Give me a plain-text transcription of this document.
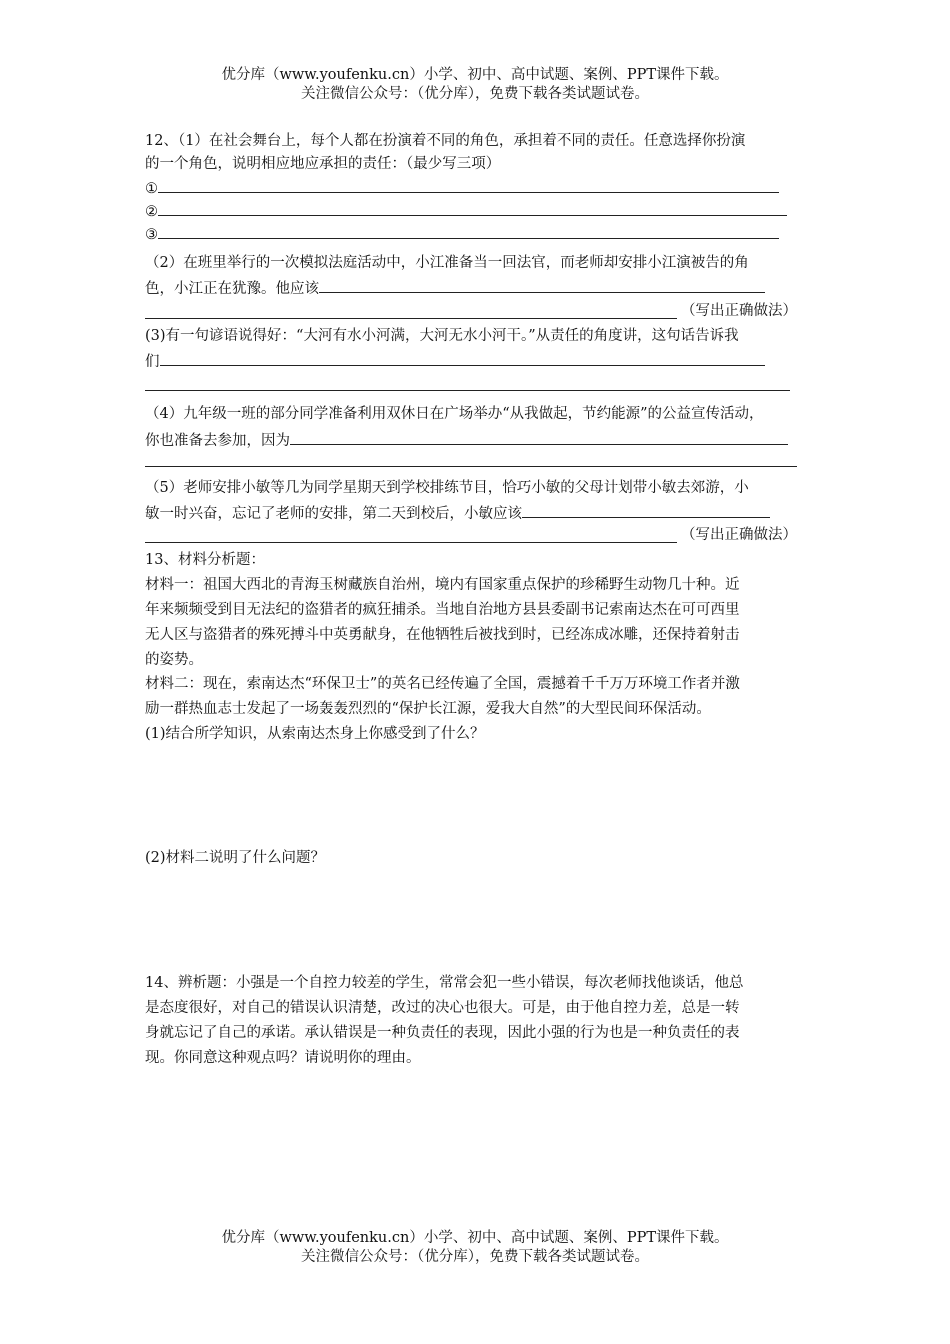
优分库（www.youfenku.cn）小学、初中、高中试题、案例、PPT课件下载。
关注微信公众号：（优分库），免费下载各类试题试卷。
12、（1）在社会舞台上，每个人都在扮演着不同的角色，承担着不同的责任。任意选择你扮演
的一个角色，说明相应地应承担的责任：（最少写三项）
①
②
③
（2）在班里举行的一次模拟法庭活动中，小江准备当一回法官，而老师却安排小江演被告的角
色，小江正在犹豫。他应该
（写出正确做法）
(3)有一句谚语说得好：“大河有水小河满，大河无水小河干。”从责任的角度讲，这句话告诉我
们
（4）九年级一班的部分同学准备利用双休日在广场举办“从我做起，节约能源”的公益宣传活动，
你也准备去参加，因为
（5）老师安排小敏等几为同学星期天到学校排练节目，恰巧小敏的父母计划带小敏去郊游，小
敏一时兴奋，忘记了老师的安排，第二天到校后，小敏应该
（写出正确做法）
13、材料分析题：
材料一：祖国大西北的青海玉树藏族自治州，境内有国家重点保护的珍稀野生动物几十种。近
年来频频受到目无法纪的盗猎者的疯狂捕杀。当地自治地方县县委副书记索南达杰在可可西里
无人区与盗猎者的殊死搏斗中英勇献身，在他牺牲后被找到时，已经冻成冰雕，还保持着射击
的姿势。
材料二：现在，索南达杰“环保卫士”的英名已经传遍了全国，震撼着千千万万环境工作者并激
励一群热血志士发起了一场轰轰烈烈的“保护长江源，爱我大自然”的大型民间环保活动。
(1)结合所学知识，从索南达杰身上你感受到了什么？
(2)材料二说明了什么问题？
14、辨析题：小强是一个自控力较差的学生，常常会犯一些小错误，每次老师找他谈话，他总
是态度很好，对自己的错误认识清楚，改过的决心也很大。可是，由于他自控力差，总是一转
身就忘记了自己的承诺。承认错误是一种负责任的表现，因此小强的行为也是一种负责任的表
现。你同意这种观点吗？请说明你的理由。
优分库（www.youfenku.cn）小学、初中、高中试题、案例、PPT课件下载。
关注微信公众号：（优分库），免费下载各类试题试卷。
